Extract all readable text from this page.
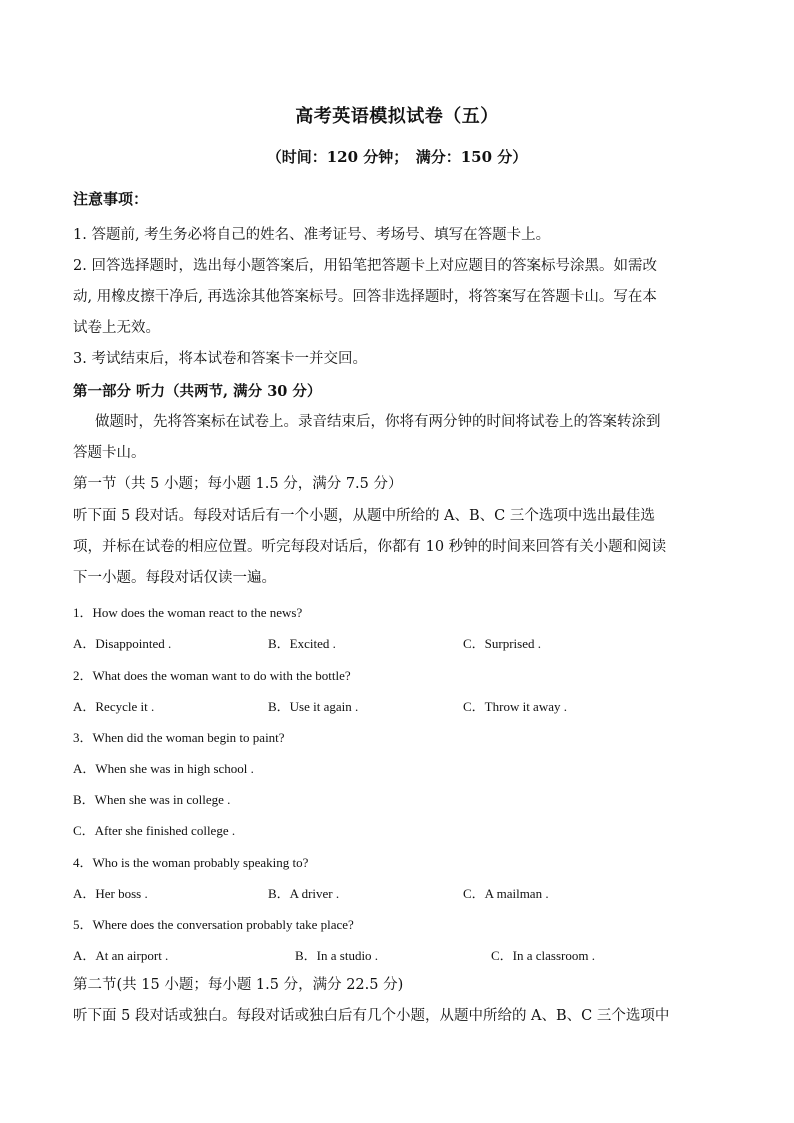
高考英语模拟试卷（五）
（时间：120 分钟；　满分：150 分）
注意事项：
1. 答题前, 考生务必将自己的姓名、准考证号、考场号、填写在答题卡上。
2. 回答选择题时，选出每小题答案后，用铅笔把答题卡上对应题目的答案标号涂黑。如需改
动, 用橡皮擦干净后, 再选涂其他答案标号。回答非选择题时，将答案写在答题卡山。写在本
试卷上无效。
3. 考试结束后，将本试卷和答案卡一并交回。
第一部分 听力（共两节, 满分 30 分）
做题时，先将答案标在试卷上。录音结束后，你将有两分钟的时间将试卷上的答案转涂到
答题卡山。
第一节（共 5 小题；每小题 1.5 分，满分 7.5 分）
听下面 5 段对话。每段对话后有一个小题，从题中所给的 A、B、C 三个选项中选出最佳选
项，并标在试卷的相应位置。听完每段对话后，你都有 10 秒钟的时间来回答有关小题和阅读
下一小题。每段对话仅读一遍。
1．How does the woman react to the news?
A．Disappointed .	B．Excited .	C．Surprised .
2．What does the woman want to do with the bottle?
A．Recycle it .	B．Use it again .	C．Throw it away .
3．When did the woman begin to paint?
A．When she was in high school .
B．When she was in college .
C．After she finished college .
4．Who is the woman probably speaking to?
A．Her boss .	B．A driver .	C．A mailman .
5．Where does the conversation probably take place?
A．At an airport .	B．In a studio .	C．In a classroom .
第二节(共 15 小题；每小题 1.5 分，满分 22.5 分)
听下面 5 段对话或独白。每段对话或独白后有几个小题，从题中所给的 A、B、C 三个选项中
